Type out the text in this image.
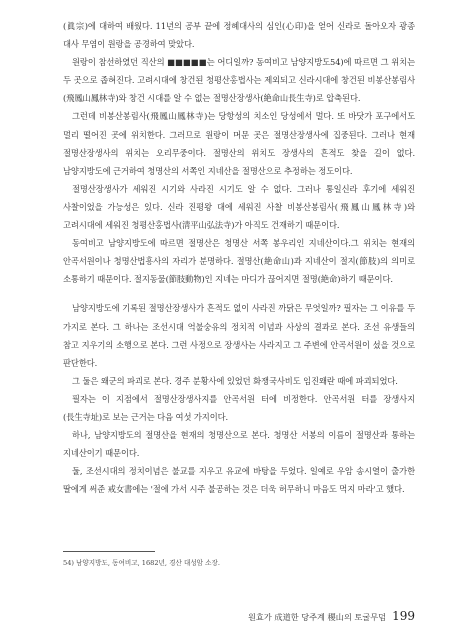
(眞宗)에 대하여 배웠다. 11년의 공부 끝에 정혜대사의 심인(心印)을 얻어 신라로 돌아오자 광종 대사 무염이 원랑을 공경하여 맞았다.

원랑이 참선하였던 직산의 ■■■■■는 어디일까? 동여비고 남양지방도54)에 따르면 그 위치는 두 곳으로 좁혀진다. 고려시대에 창건된 청평산홍법사는 제외되고 신라시대에 창건된 비봉산봉림사(飛鳳山鳳林寺)와 창건 시대를 알 수 없는 절명산장생사(絶命山長生寺)로 압축된다.

그런데 비봉산봉림사(飛鳳山鳳林寺)는 당항성의 치소인 당성에서 멀다. 또 바닷가 포구에서도 멀리 떨어진 곳에 위치한다. 그러므로 원랑이 머문 곳은 절명산장생사에 집중된다. 그러나 현재 절명산장생사의 위치는 오리무중이다. 절명산의 위치도 장생사의 흔적도 찾을 길이 없다. 남양지방도에 근거하여 청명산의 서쪽인 지네산을 절명산으로 추정하는 정도이다.

절명산장생사가 세워진 시기와 사라진 시기도 알 수 없다. 그러나 통일신라 후기에 세워진 사찰이었을 가능성은 있다. 신라 진평왕 대에 세워진 사찰 비봉산봉림사(飛鳳山鳳林寺)와 고려시대에 세워진 청평산홍법사(淸平山弘法寺)가 아직도 건재하기 때문이다.

동여비고 남양지방도에 따르면 절명산은 청명산 서쪽 봉우리인 지네산이다.그 위치는 현재의 안곡서원이나 청명산법흥사의 자리가 분명하다. 절명산(絶命山)과 지네산이 절지(節肢)의 의미로 소통하기 때문이다. 절지동물(節肢動物)인 지네는 마디가 끊어지면 절명(絶命)하기 때문이다.

남양지방도에 기록된 절명산장생사가 흔적도 없이 사라진 까닭은 무엇일까? 필자는 그 이유를 두 가지로 본다. 그 하나는 조선시대 억불숭유의 정치적 이념과 사상의 결과로 본다. 조선 유생들의 참고 지우기의 소행으로 본다. 그런 사정으로 장생사는 사라지고 그 주변에 안곡서원이 섰을 것으로 판단한다.

그 둘은 왜군의 파괴로 본다. 경주 분황사에 있었던 화쟁국사비도 임진왜란 때에 파괴되었다.

필자는 이 지점에서 절명산장생사지를 안곡서원 터에 비정한다. 안곡서원 터를 장생사지(長生寺址)로 보는 근거는 다음 여섯 가지이다.

하나, 남양지방도의 절명산을 현재의 청명산으로 본다. 청명산 서봉의 이름이 절명산과 통하는 지네산이기 때문이다.

둘, 조선시대의 정치이념은 불교를 지우고 유교에 바탕을 두었다. 일예로 우암 송시열이 출가한 딸에게 써준 戒女書에는 '절에 가서 시주 불공하는 것은 더욱 허무하니 마음도 먹지 마라'고 했다.

54) 남양지방도, 동여비고, 1682년, 경산 대성암 소장.
원효가 成道한 당주계 稷山의 토굴무덤 199
